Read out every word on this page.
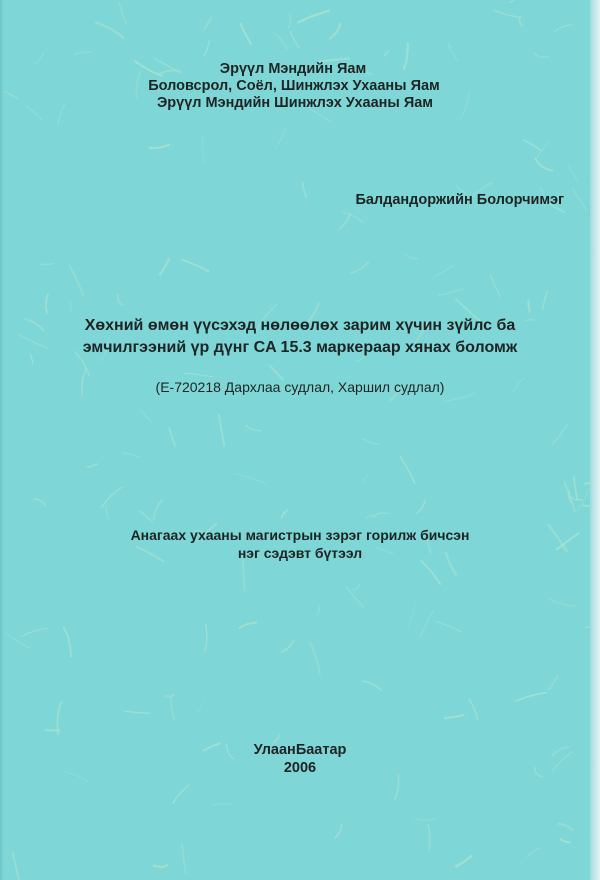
Эрүүл Мэндийн Яам
Боловсрол, Соёл, Шинжлэх Ухааны Яам
Эрүүл Мэндийн Шинжлэх Ухааны Яам
Балдандоржийн Болорчимэг
Хөхний өмөн үүсэхэд нөлөөлөх зарим хүчин зүйлс ба
эмчилгээний үр дүнг CA 15.3 маркераар хянах боломж
(E-720218 Дархлаа судлал, Харшил судлал)
Анагаах ухааны магистрын зэрэг горилж бичсэн
нэг сэдэвт бүтээл
УлаанБаатар
2006
